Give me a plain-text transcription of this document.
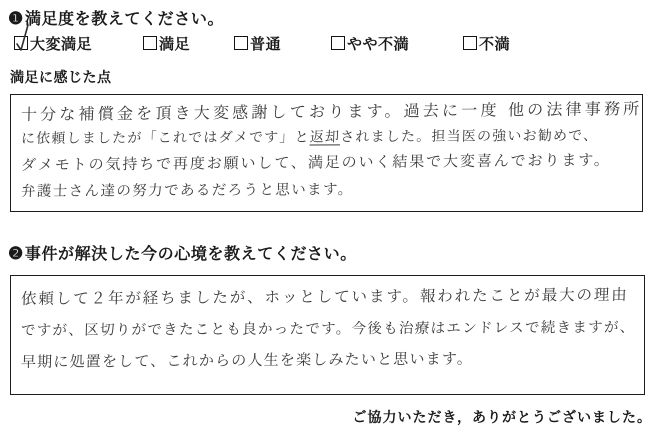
❶満足度を教えてください。
大変満足	満足	普通	やや不満	不満
満足に感じた点
十分な補償金を頂き大変感謝しております。過去に一度 他の法律事務所
に依頼しましたが「これではダメです」と返却されました。担当医の強いお勧めで、
ダメモトの気持ちで再度お願いして、満足のいく結果で大変喜んでおります。
弁護士さん達の努力であるだろうと思います。
❷事件が解決した今の心境を教えてください。
依頼して２年が経ちましたが、ホッとしています。報われたことが最大の理由
ですが、区切りができたことも良かったです。今後も治療はエンドレスで続きますが、
早期に処置をして、これからの人生を楽しみたいと思います。
ご協力いただき，ありがとうございました。
